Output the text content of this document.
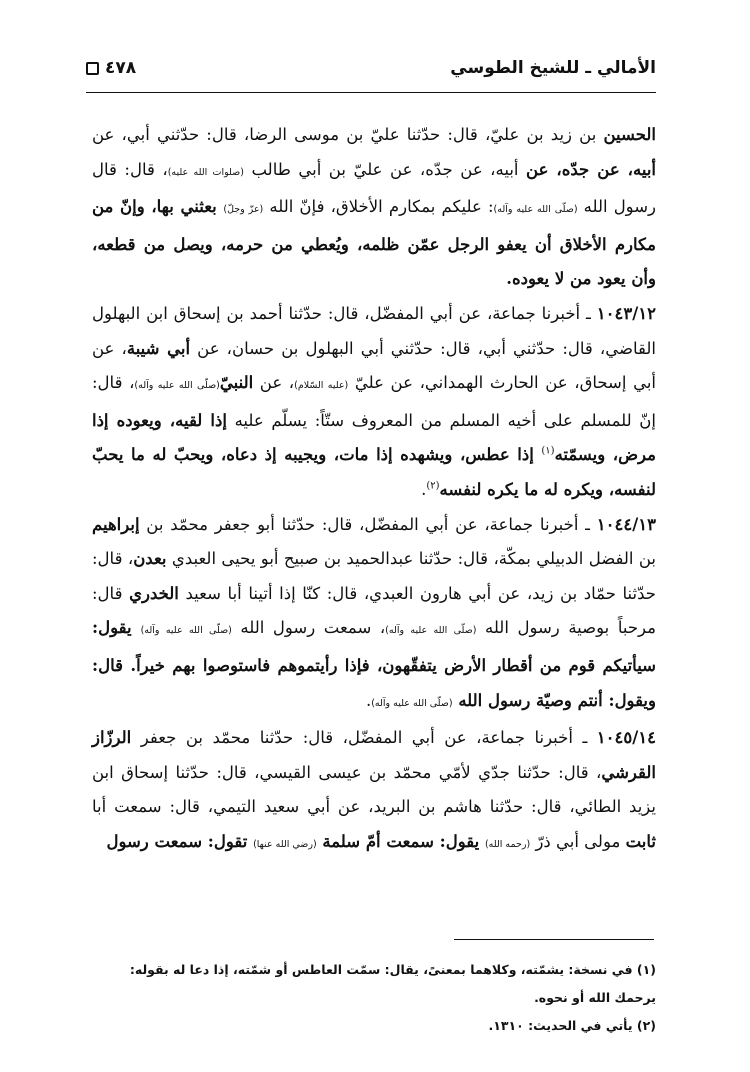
٤٧٨	الأمالي ـ للشيخ الطوسي

الحسين بن زيد بن عليّ، قال: حدّثنا عليّ بن موسى الرضا، قال: حدّثني أبي، عن أبيه، عن جدّه، عن أبيه، عن جدّه، عن عليّ بن أبي طالب (صلوات الله عليه)، قال: قال رسول الله (صلّى الله عليه وآله): عليكم بمكارم الأخلاق، فإنّ الله (عزّ وجلّ) بعثني بها، وإنّ من مكارم الأخلاق أن يعفو الرجل عمّن ظلمه، ويُعطي من حرمه، ويصل من قطعه، وأن يعود من لا يعوده.

١٠٤٣/١٢ ـ أخبرنا جماعة، عن أبي المفضّل، قال: حدّثنا أحمد بن إسحاق ابن البهلول القاضي، قال: حدّثني أبي، قال: حدّثني أبي البهلول بن حسان، عن أبي شيبة، عن أبي إسحاق، عن الحارث الهمداني، عن عليّ (عليه السّلام)، عن النبيّ(صلّى الله عليه وآله)، قال: إنّ للمسلم على أخيه المسلم من المعروف ستّاً: يسلّم عليه إذا لقيه، ويعوده إذا مرض، ويسمّته$^{(١)}$ إذا عطس، ويشهده إذا مات، ويجيبه إذ دعاه، ويحبّ له ما يحبّ لنفسه، ويكره له ما يكره لنفسه$^{(٢)}$.

١٠٤٤/١٣ ـ أخبرنا جماعة، عن أبي المفضّل، قال: حدّثنا أبو جعفر محمّد بن إبراهيم بن الفضل الدبيلي بمكّة، قال: حدّثنا عبدالحميد بن صبيح أبو يحيى العبدي بعدن، قال: حدّثنا حمّاد بن زيد، عن أبي هارون العبدي، قال: كنّا إذا أتينا أبا سعيد الخدري قال: مرحباً بوصية رسول الله (صلّى الله عليه وآله)، سمعت رسول الله (صلّى الله عليه وآله) يقول: سيأتيكم قوم من أقطار الأرض يتفقّهون، فإذا رأيتموهم فاستوصوا بهم خيراً. قال: ويقول: أنتم وصيّة رسول الله (صلّى الله عليه وآله).

١٠٤٥/١٤ ـ أخبرنا جماعة، عن أبي المفضّل، قال: حدّثنا محمّد بن جعفر الرزّاز القرشي، قال: حدّثنا جدّي لأمّي محمّد بن عيسى القيسي، قال: حدّثنا إسحاق ابن يزيد الطائي، قال: حدّثنا هاشم بن البريد، عن أبي سعيد التيمي، قال: سمعت أبا ثابت مولى أبي ذرّ (رحمه الله) يقول: سمعت أمّ سلمة (رضي الله عنها) تقول: سمعت رسول

(١) في نسخة: يشمّته، وكلاهما بمعنىً، يقال: سمّت العاطس أو شمّته، إذا دعا له بقوله: يرحمك الله أو نحوه.

(٢) يأتي في الحديث: ١٣١٠.
